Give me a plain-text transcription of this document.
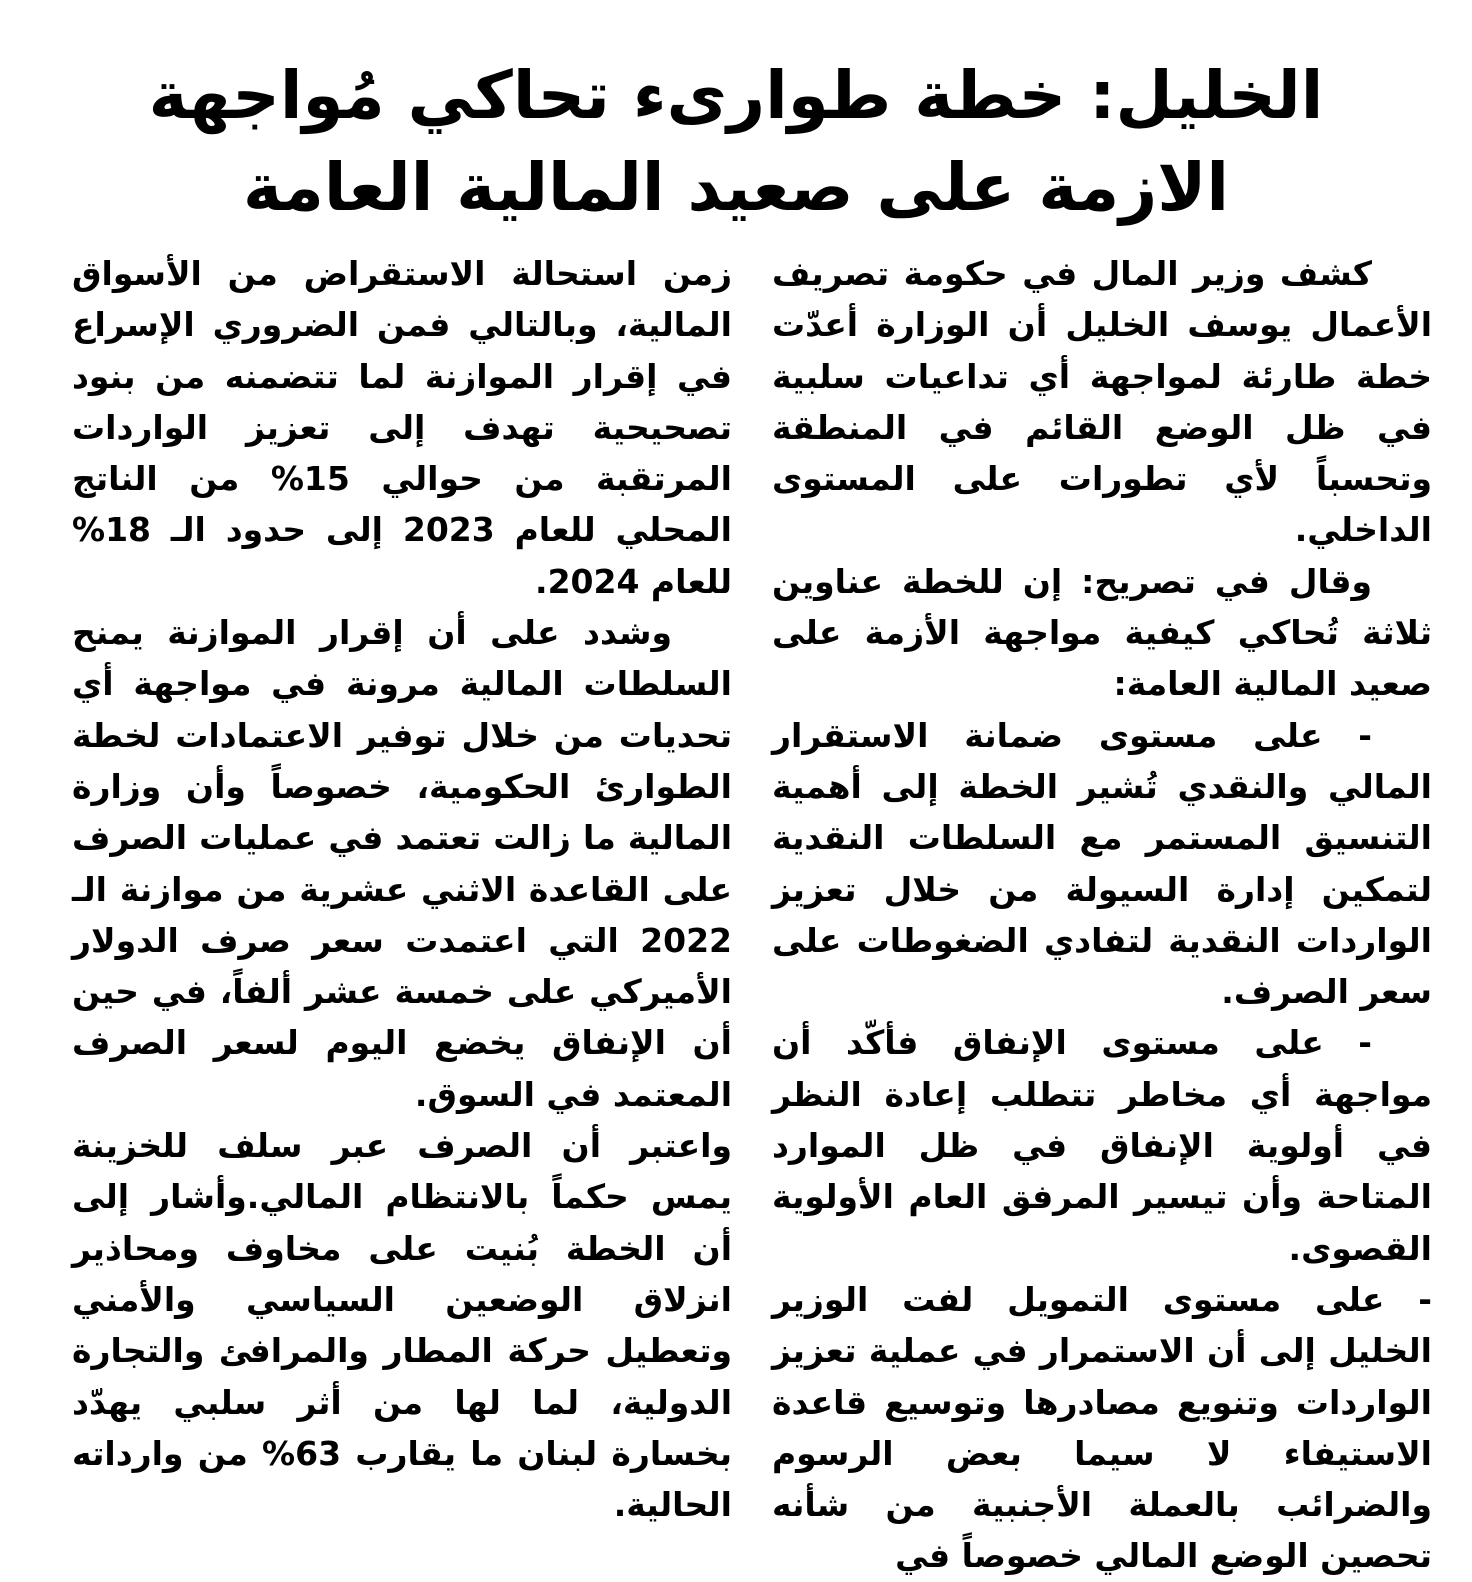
الخليل: خطة طوارىء تحاكي مُواجهة
الازمة على صعيد المالية العامة

كشف وزير المال في حكومة تصريف الأعمال يوسف الخليل أن الوزارة أعدّت خطة طارئة لمواجهة أي تداعيات سلبية في ظل الوضع القائم في المنطقة وتحسباً لأي تطورات على المستوى الداخلي.

وقال في تصريح: إن للخطة عناوين ثلاثة تُحاكي كيفية مواجهة الأزمة على صعيد المالية العامة:

- على مستوى ضمانة الاستقرار المالي والنقدي تُشير الخطة إلى أهمية التنسيق المستمر مع السلطات النقدية لتمكين إدارة السيولة من خلال تعزيز الواردات النقدية لتفادي الضغوطات على سعر الصرف.

- على مستوى الإنفاق فأكّد أن مواجهة أي مخاطر تتطلب إعادة النظر في أولوية الإنفاق في ظل الموارد المتاحة وأن تيسير المرفق العام الأولوية القصوى.

- على مستوى التمويل لفت الوزير الخليل إلى أن الاستمرار في عملية تعزيز الواردات وتنويع مصادرها وتوسيع قاعدة الاستيفاء لا سيما بعض الرسوم والضرائب بالعملة الأجنبية من شأنه تحصين الوضع المالي خصوصاً في

زمن استحالة الاستقراض من الأسواق المالية، وبالتالي فمن الضروري الإسراع في إقرار الموازنة لما تتضمنه من بنود تصحيحية تهدف إلى تعزيز الواردات المرتقبة من حوالي 15% من الناتج المحلي للعام 2023 إلى حدود الـ 18% للعام 2024.

وشدد على أن إقرار الموازنة يمنح السلطات المالية مرونة في مواجهة أي تحديات من خلال توفير الاعتمادات لخطة الطوارئ الحكومية، خصوصاً وأن وزارة المالية ما زالت تعتمد في عمليات الصرف على القاعدة الاثني عشرية من موازنة الـ 2022 التي اعتمدت سعر صرف الدولار الأميركي على خمسة عشر ألفاً، في حين أن الإنفاق يخضع اليوم لسعر الصرف المعتمد في السوق.

واعتبر أن الصرف عبر سلف للخزينة يمس حكماً بالانتظام المالي.وأشار إلى أن الخطة بُنيت على مخاوف ومحاذير انزلاق الوضعين السياسي والأمني وتعطيل حركة المطار والمرافئ والتجارة الدولية، لما لها من أثر سلبي يهدّد بخسارة لبنان ما يقارب 63% من وارداته الحالية.
